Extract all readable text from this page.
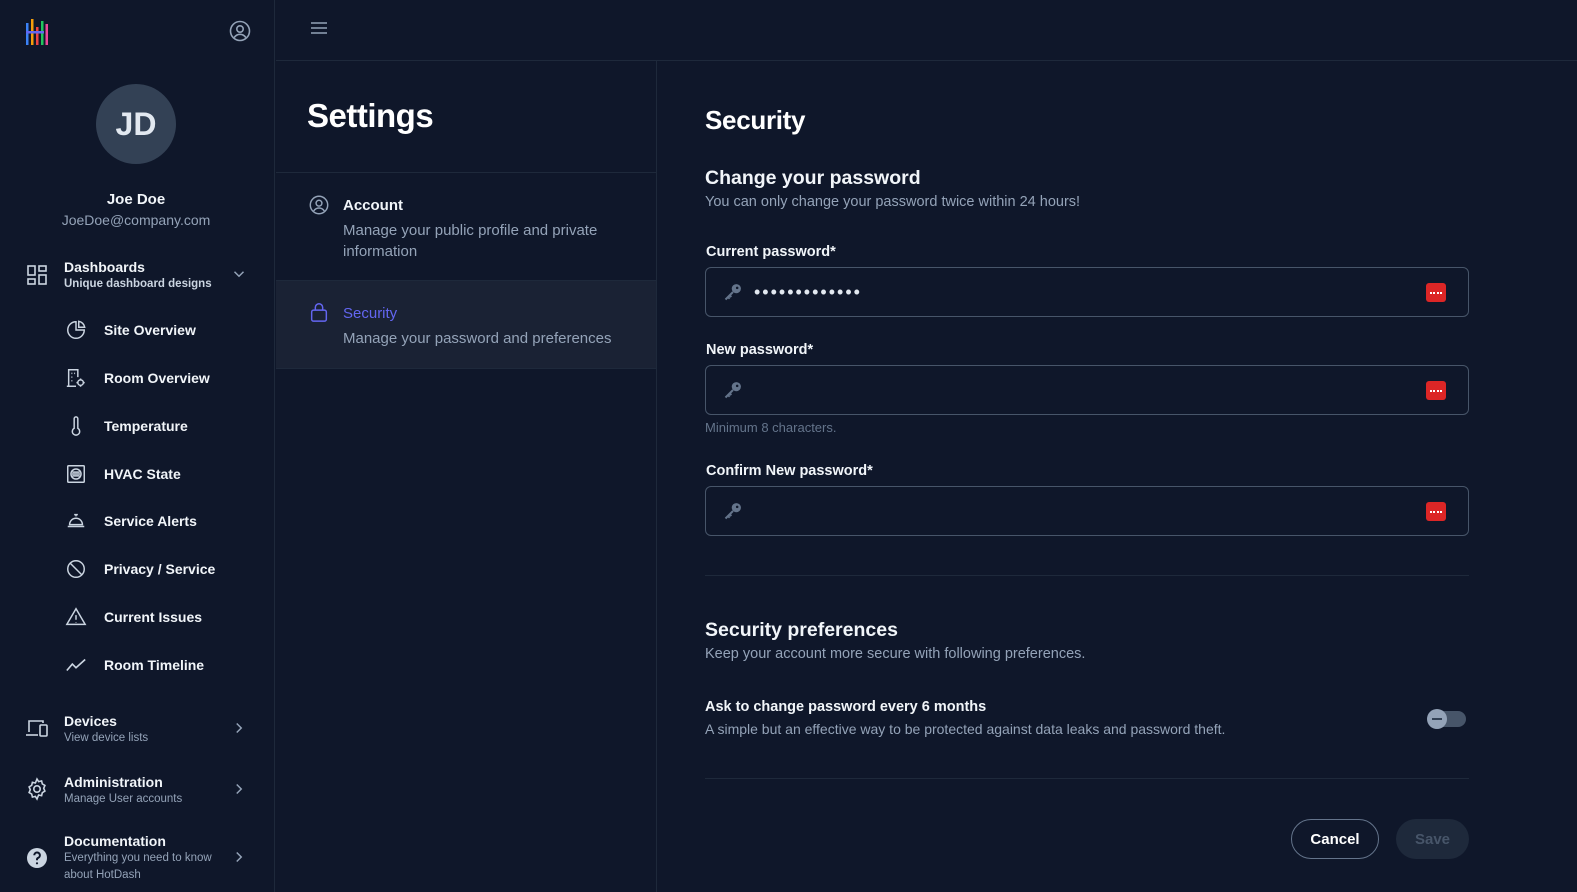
JD
Joe Doe
JoeDoe@company.com
Dashboards
Unique dashboard designs
Site Overview
Room Overview
Temperature
HVAC State
Service Alerts
Privacy / Service
Current Issues
Room Timeline
Devices
View device lists
Administration
Manage User accounts
Documentation
Everything you need to know about HotDash
Settings
Account
Manage your public profile and private information
Security
Manage your password and preferences
Security
Change your password

You can only change your password twice within 24 hours!

Current password*
•••••••••••••
New password*

Minimum 8 characters.

Confirm New password*
Security preferences

Keep your account more secure with following preferences.

Ask to change password every 6 months

A simple but an effective way to be protected against data leaks and password theft.

Cancel	Save
